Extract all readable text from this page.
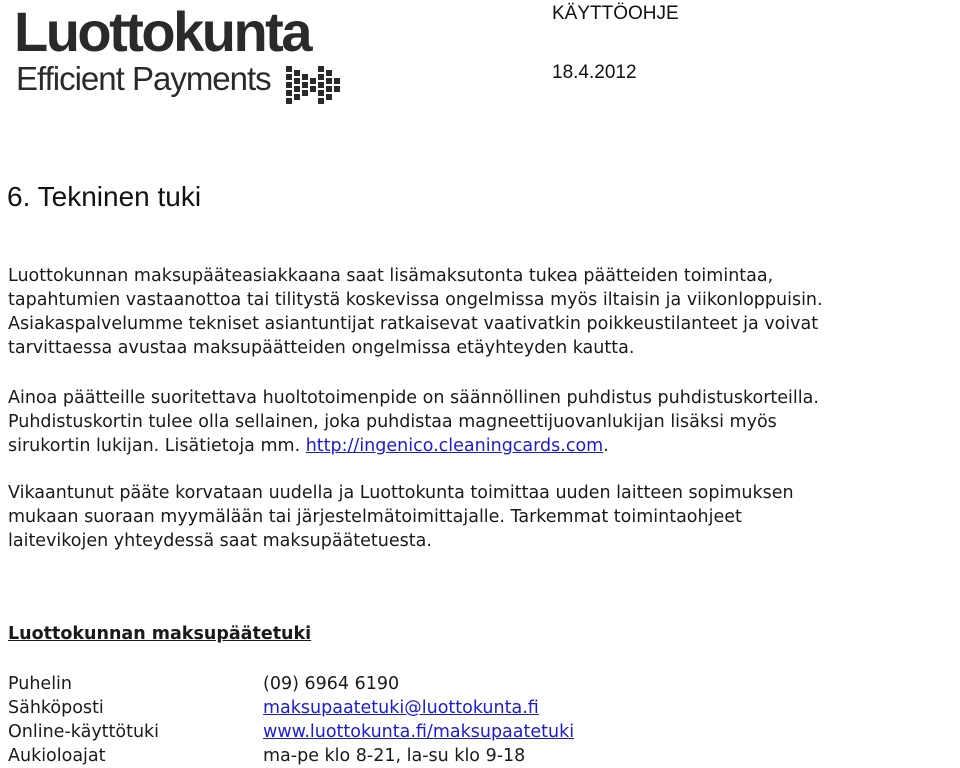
Luottokunta
Efficient Payments
KÄYTTÖOHJE
18.4.2012
6. Tekninen tuki

Luottokunnan maksupääteasiakkaana saat lisämaksutonta tukea päätteiden toimintaa,
tapahtumien vastaanottoa tai tilitystä koskevissa ongelmissa myös iltaisin ja viikonloppuisin.
Asiakaspalvelumme tekniset asiantuntijat ratkaisevat vaativatkin poikkeustilanteet ja voivat
tarvittaessa avustaa maksupäätteiden ongelmissa etäyhteyden kautta.

Ainoa päätteille suoritettava huoltotoimenpide on säännöllinen puhdistus puhdistuskorteilla.
Puhdistuskortin tulee olla sellainen, joka puhdistaa magneettijuovanlukijan lisäksi myös
sirukortin lukijan. Lisätietoja mm. http://ingenico.cleaningcards.com.

Vikaantunut pääte korvataan uudella ja Luottokunta toimittaa uuden laitteen sopimuksen
mukaan suoraan myymälään tai järjestelmätoimittajalle. Tarkemmat toimintaohjeet
laitevikojen yhteydessä saat maksupäätetuesta.

Luottokunnan maksupäätetuki
Puhelin	(09) 6964 6190
Sähköposti	maksupaatetuki@luottokunta.fi
Online-käyttötuki	www.luottokunta.fi/maksupaatetuki
Aukioloajat	ma-pe klo 8-21, la-su klo 9-18
